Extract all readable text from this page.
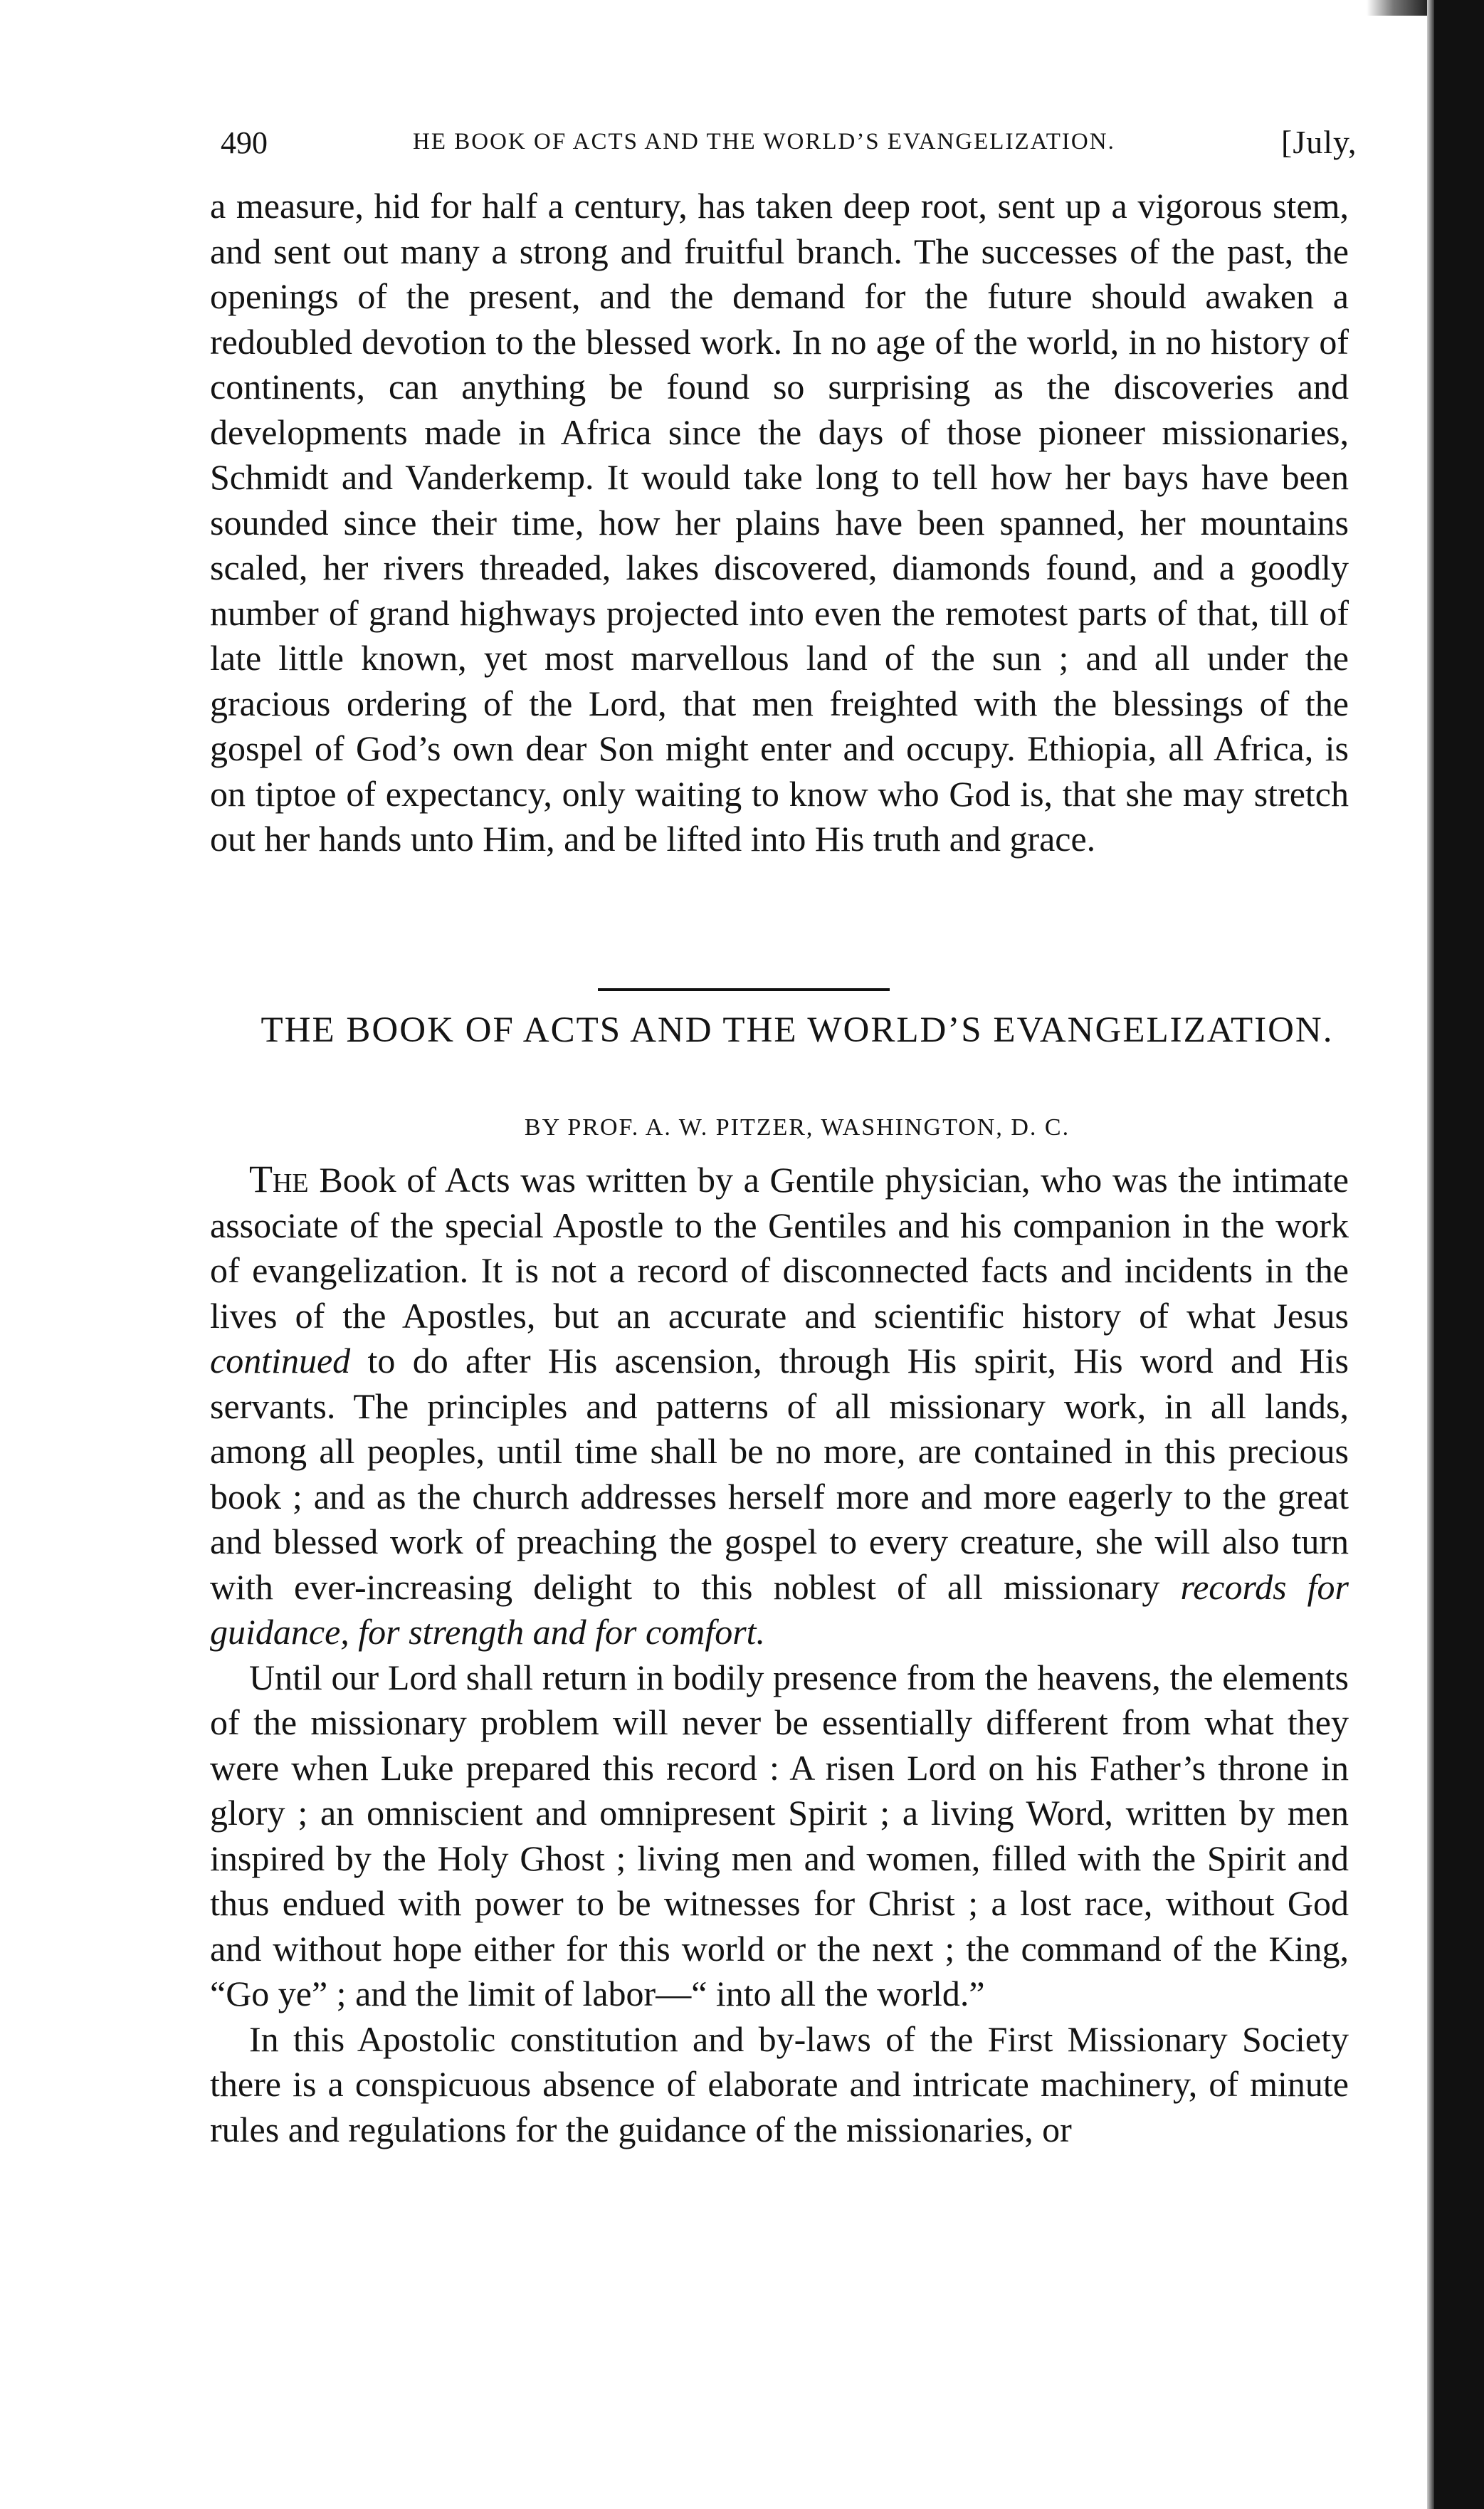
490	HE BOOK OF ACTS AND THE WORLD’S EVANGELIZATION.	[July,

a measure, hid for half a century, has taken deep root, sent up a vigorous stem, and sent out many a strong and fruitful branch. The successes of the past, the openings of the present, and the demand for the future should awaken a redoubled devotion to the blessed work. In no age of the world, in no history of continents, can anything be found so surprising as the discoveries and developments made in Africa since the days of those pioneer missionaries, Schmidt and Vanderkemp. It would take long to tell how her bays have been sounded since their time, how her plains have been spanned, her mountains scaled, her rivers threaded, lakes discovered, diamonds found, and a goodly number of grand highways projected into even the remotest parts of that, till of late little known, yet most marvellous land of the sun ; and all under the gracious ordering of the Lord, that men freighted with the blessings of the gospel of God’s own dear Son might enter and occupy. Ethiopia, all Africa, is on tiptoe of expectancy, only waiting to know who God is, that she may stretch out her hands unto Him, and be lifted into His truth and grace.

THE BOOK OF ACTS AND THE WORLD’S EVANGELIZATION.
BY PROF. A. W. PITZER, WASHINGTON, D. C.

The Book of Acts was written by a Gentile physician, who was the intimate associate of the special Apostle to the Gentiles and his companion in the work of evangelization. It is not a record of disconnected facts and incidents in the lives of the Apostles, but an accurate and scientific history of what Jesus continued to do after His ascension, through His spirit, His word and His servants. The principles and patterns of all missionary work, in all lands, among all peoples, until time shall be no more, are contained in this precious book ; and as the church addresses herself more and more eagerly to the great and blessed work of preaching the gospel to every creature, she will also turn with ever-increasing delight to this noblest of all missionary records for guidance, for strength and for comfort.

Until our Lord shall return in bodily presence from the heavens, the elements of the missionary problem will never be essentially different from what they were when Luke prepared this record : A risen Lord on his Father’s throne in glory ; an omniscient and omnipresent Spirit ; a living Word, written by men inspired by the Holy Ghost ; living men and women, filled with the Spirit and thus endued with power to be witnesses for Christ ; a lost race, without God and without hope either for this world or the next ; the command of the King, “Go ye” ; and the limit of labor—“ into all the world.”

In this Apostolic constitution and by-laws of the First Missionary Society there is a conspicuous absence of elaborate and intricate machinery, of minute rules and regulations for the guidance of the missionaries, or
